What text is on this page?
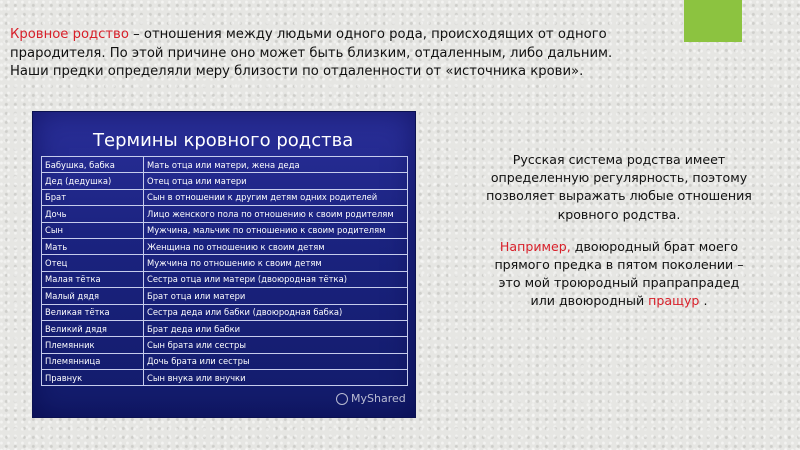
Кровное родство – отношения между людьми одного рода, происходящих от одного
прародителя. По этой причине оно может быть близким, отдаленным, либо дальним.
Наши предки определяли меру близости по отдаленности от «источника крови».
Термины кровного родства
Бабушка, бабка	Мать отца или матери, жена деда
Дед (дедушка)	Отец отца или матери
Брат	Сын в отношении к другим детям одних родителей
Дочь	Лицо женского пола по отношению к своим родителям
Сын	Мужчина, мальчик по отношению к своим родителям
Мать	Женщина по отношению к своим детям
Отец	Мужчина по отношению к своим детям
Малая тётка	Сестра отца или матери (двоюродная тётка)
Малый дядя	Брат отца или матери
Великая тётка	Сестра деда или бабки (двоюродная бабка)
Великий дядя	Брат деда или бабки
Племянник	Сын брата или сестры
Племянница	Дочь брата или сестры
Правнук	Сын внука или внучки
MyShared

Русская система родства имеет

определенную регулярность, поэтому

позволяет выражать любые отношения

кровного родства.

Например, двоюродный брат моего

прямого предка в пятом поколении –

это мой троюродный прапрапрадед

или двоюродный пращур .
